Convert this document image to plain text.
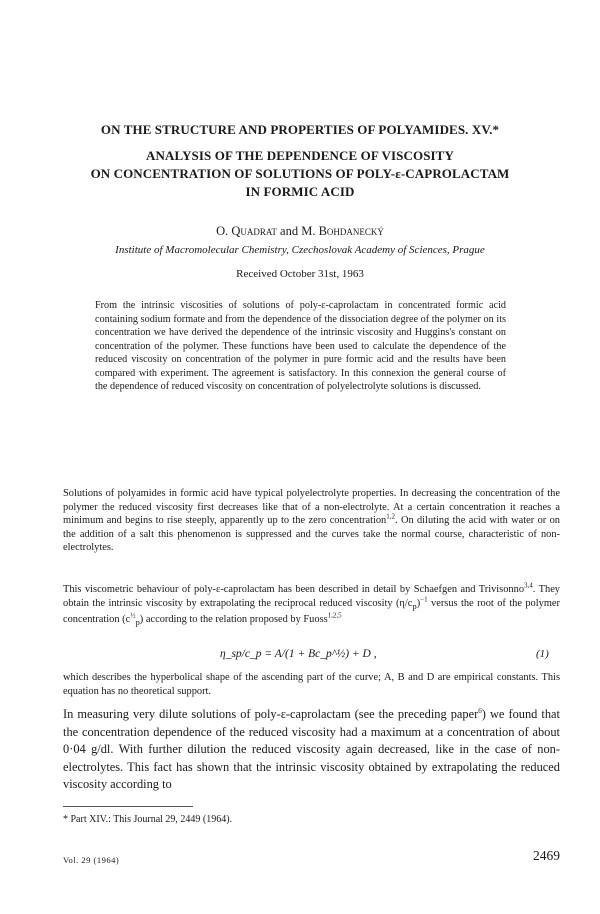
ON THE STRUCTURE AND PROPERTIES OF POLYAMIDES. XV.*
ANALYSIS OF THE DEPENDENCE OF VISCOSITY
ON CONCENTRATION OF SOLUTIONS OF POLY-ε-CAPROLACTAM
IN FORMIC ACID
O. Quadrat and M. Bohdanecký
Institute of Macromolecular Chemistry, Czechoslovak Academy of Sciences, Prague
Received October 31st, 1963

From the intrinsic viscosities of solutions of poly-ε-caprolactam in concentrated formic acid containing sodium formate and from the dependence of the dissociation degree of the polymer on its concentration we have derived the dependence of the intrinsic viscosity and Huggins's constant on concentration of the polymer. These functions have been used to calculate the dependence of the reduced viscosity on concentration of the polymer in pure formic acid and the results have been compared with experiment. The agreement is satisfactory. In this connexion the general course of the dependence of reduced viscosity on concentration of polyelectrolyte solutions is discussed.

Solutions of polyamides in formic acid have typical polyelectrolyte properties. In decreasing the concentration of the polymer the reduced viscosity first decreases like that of a non-electrolyte. At a certain concentration it reaches a minimum and begins to rise steeply, apparently up to the zero concentration$^{1,2}$. On diluting the acid with water or on the addition of a salt this phenomenon is suppressed and the curves take the normal course, characteristic of non-electrolytes.

This viscometric behaviour of poly-ε-caprolactam has been described in detail by Schaefgen and Trivisonno$^{3,4}$. They obtain the intrinsic viscosity by extrapolating the reciprocal reduced viscosity $(\eta/c_p)^{-1}$ versus the root of the polymer concentration $(c^{\frac{1}{2}}_p)$ according to the relation proposed by Fuoss$^{1,2,5}$

η_sp/c_p = A/(1 + Bc_p^½) + D ,	(1)

which describes the hyperbolical shape of the ascending part of the curve; A, B and D are empirical constants. This equation has no theoretical support.

In measuring very dilute solutions of poly-ε-caprolactam (see the preceding paper$^6$) we found that the concentration dependence of the reduced viscosity had a maximum at a concentration of about 0·04 g/dl. With further dilution the reduced viscosity again decreased, like in the case of non-electrolytes. This fact has shown that the intrinsic viscosity obtained by extrapolating the reduced viscosity according to

* Part XIV.: This Journal 29, 2449 (1964).
Vol. 29 (1964)	2469
